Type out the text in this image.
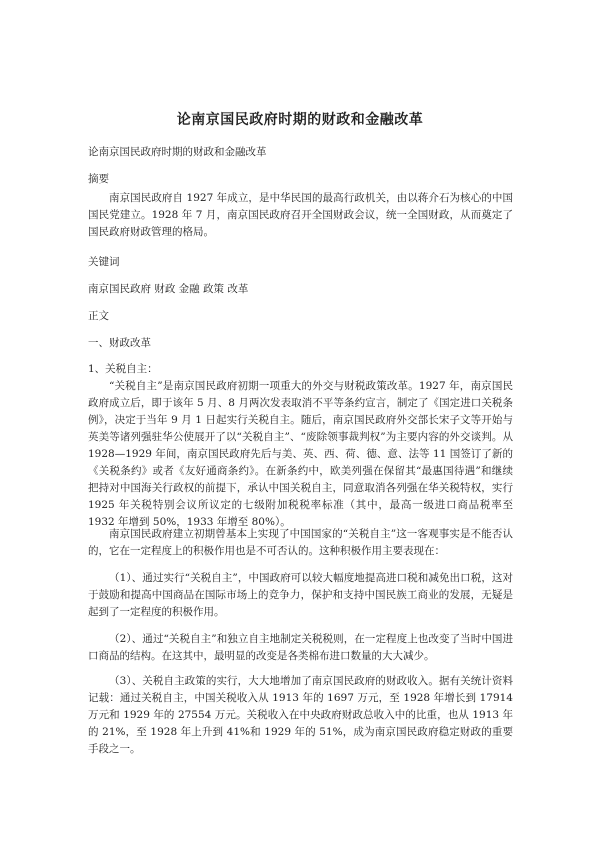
论南京国民政府时期的财政和金融改革
论南京国民政府时期的财政和金融改革
摘要
南京国民政府自 1927 年成立，是中华民国的最高行政机关，由以蒋介石为核心的中国国民党建立。1928 年 7 月，南京国民政府召开全国财政会议，统一全国财政，从而奠定了国民政府财政管理的格局。
关键词
南京国民政府 财政 金融 政策 改革
正文
一、财政改革
1、关税自主：
“关税自主”是南京国民政府初期一项重大的外交与财税政策改革。1927 年，南京国民政府成立后，即于该年 5 月、8 月两次发表取消不平等条约宣言，制定了《国定进口关税条例》，决定于当年 9 月 1 日起实行关税自主。随后，南京国民政府外交部长宋子文等开始与英美等诸列强驻华公使展开了以“关税自主”、“废除领事裁判权”为主要内容的外交谈判。从 1928—1929 年间，南京国民政府先后与美、英、西、荷、德、意、法等 11 国签订了新的《关税条约》或者《友好通商条约》。在新条约中，欧美列强在保留其“最惠国待遇”和继续把持对中国海关行政权的前提下，承认中国关税自主，同意取消各列强在华关税特权，实行 1925 年关税特别会议所议定的七级附加税税率标准（其中，最高一级进口商品税率至 1932 年增到 50%，1933 年增至 80%）。
南京国民政府建立初期曾基本上实现了中国国家的“关税自主”这一客观事实是不能否认的，它在一定程度上的积极作用也是不可否认的。这种积极作用主要表现在：
（1）、通过实行“关税自主”，中国政府可以较大幅度地提高进口税和减免出口税，这对于鼓励和提高中国商品在国际市场上的竞争力，保护和支持中国民族工商业的发展，无疑是起到了一定程度的积极作用。
（2）、通过“关税自主”和独立自主地制定关税税则，在一定程度上也改变了当时中国进口商品的结构。在这其中，最明显的改变是各类棉布进口数量的大大减少。
（3）、关税自主政策的实行，大大地增加了南京国民政府的财政收入。据有关统计资料记载：通过关税自主，中国关税收入从 1913 年的 1697 万元，至 1928 年增长到 17914 万元和 1929 年的 27554 万元。关税收入在中央政府财政总收入中的比重，也从 1913 年的 21%，至 1928 年上升到 41%和 1929 年的 51%，成为南京国民政府稳定财政的重要手段之一。
